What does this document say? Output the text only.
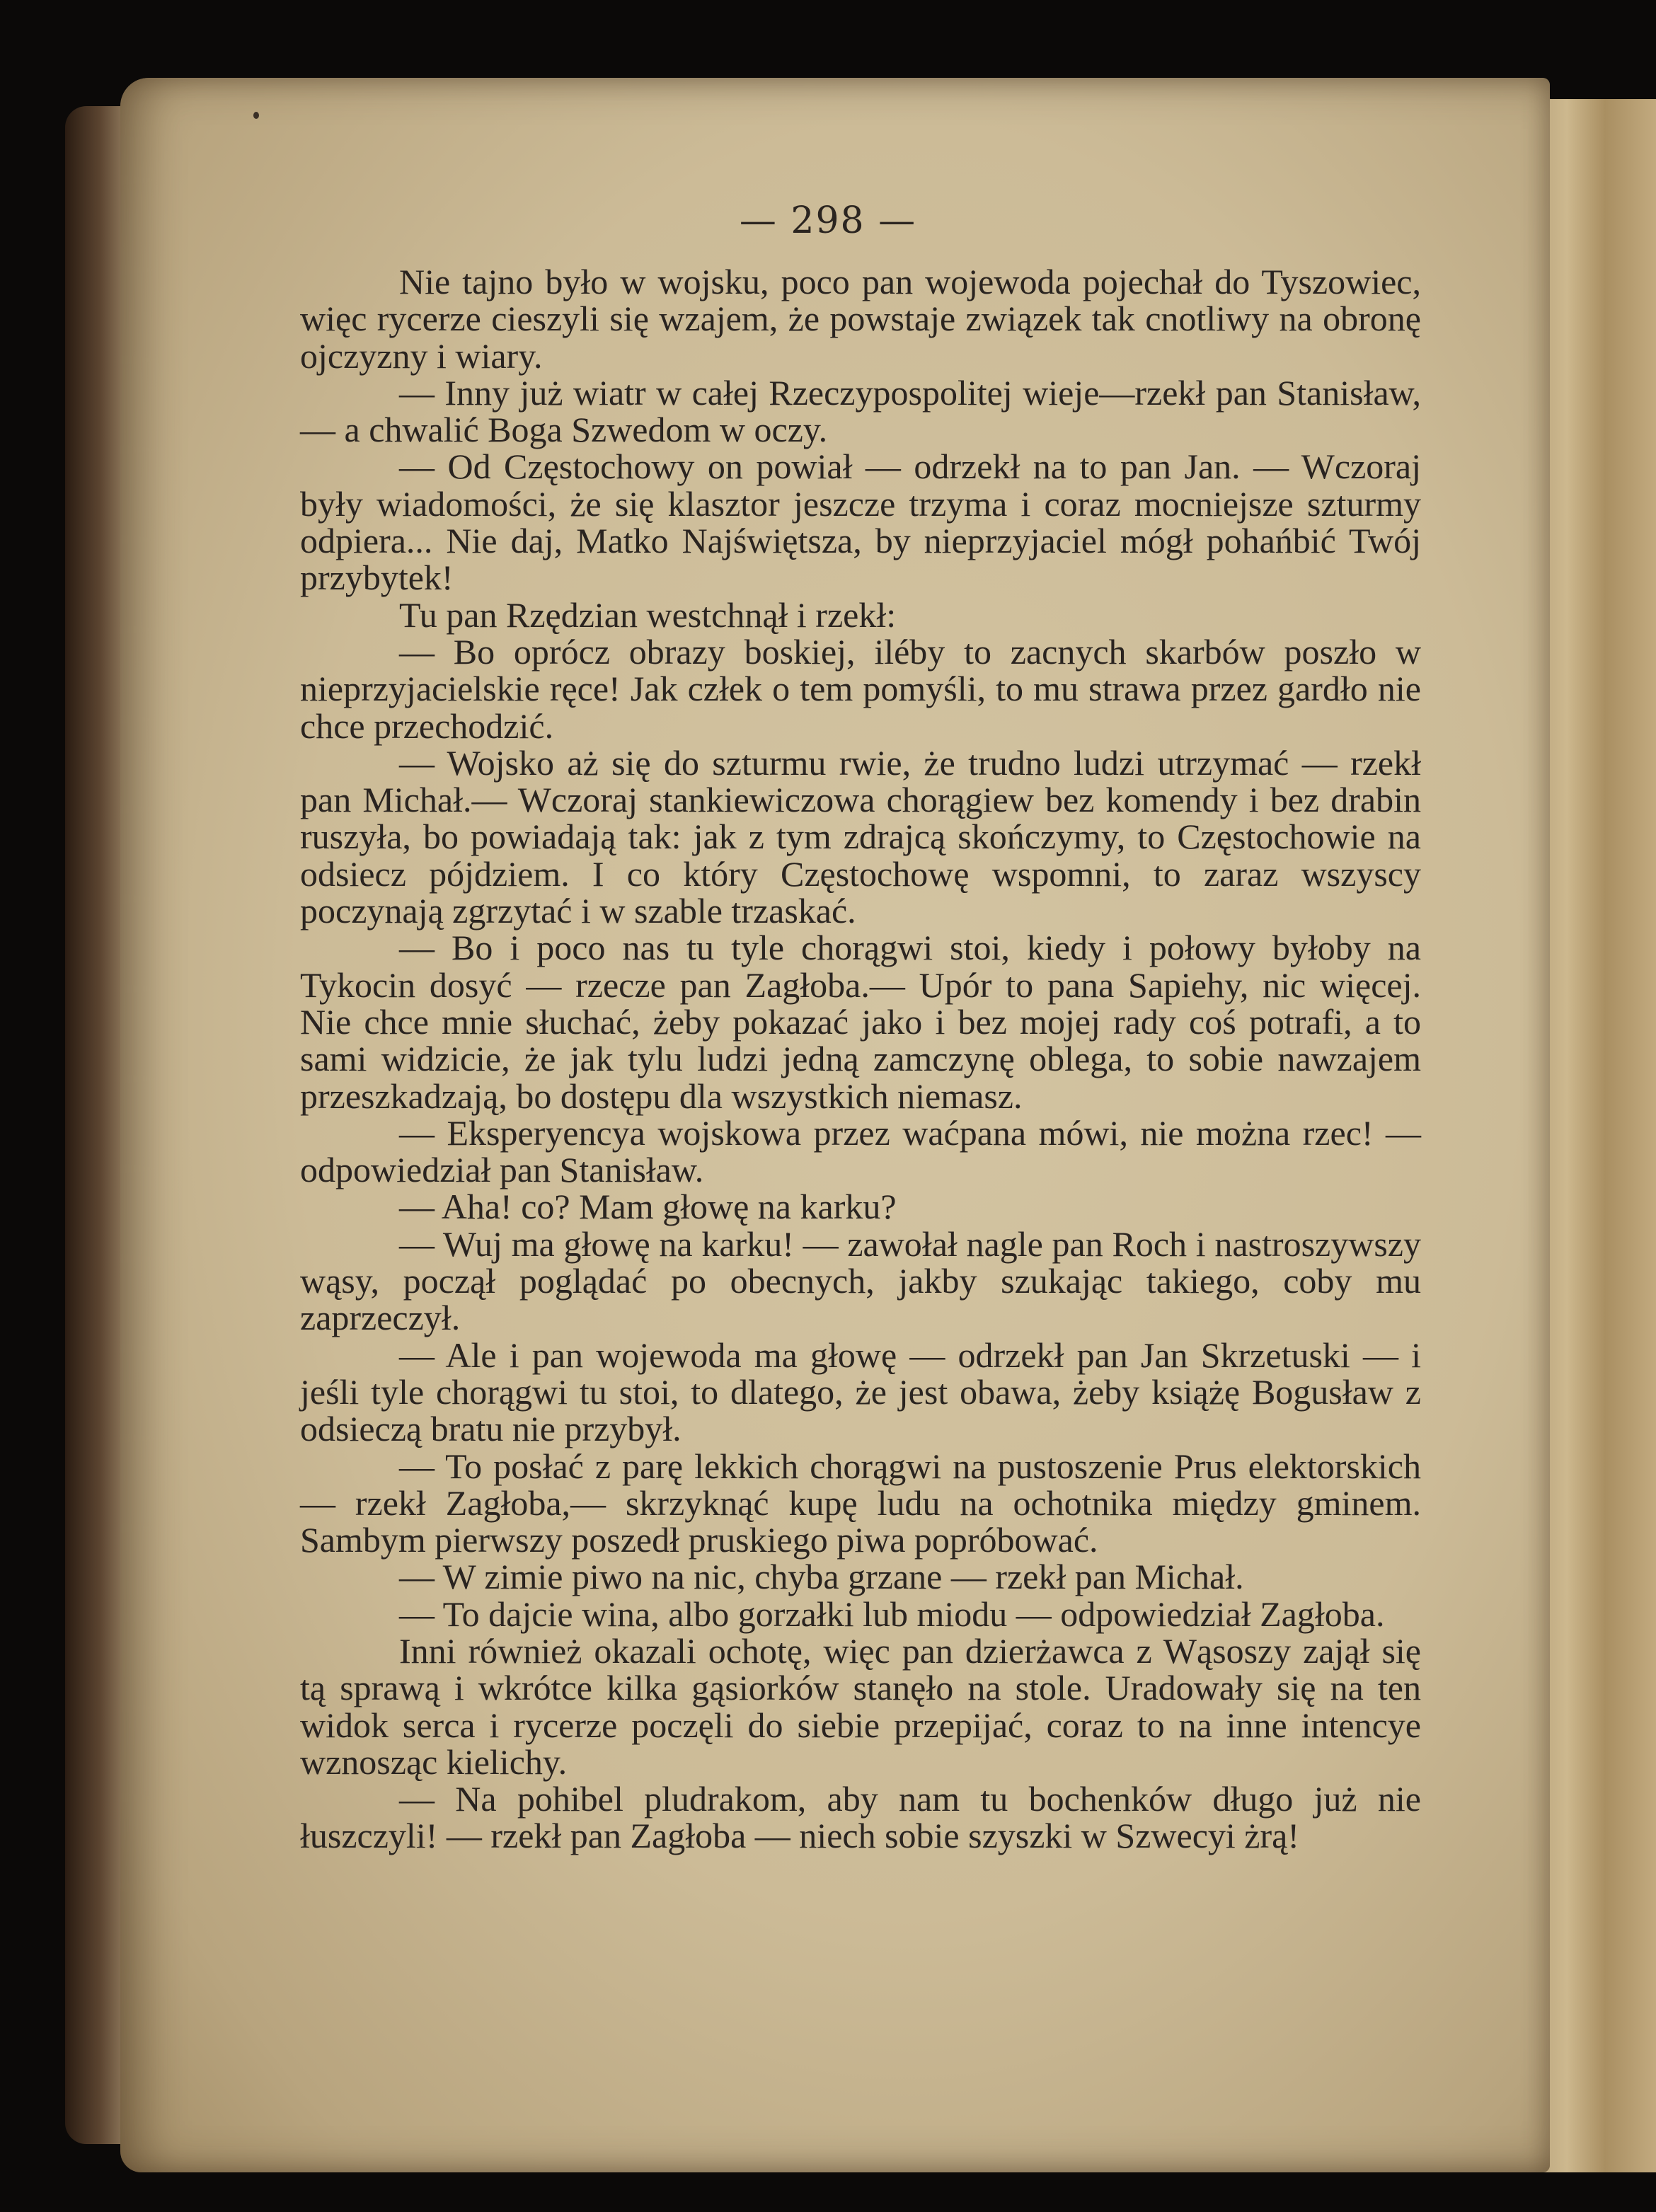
— 298 —

Nie tajno było w wojsku, poco pan wojewoda pojechał do Tyszowiec, więc rycerze cieszyli się wzajem, że powstaje związek tak cnotliwy na obronę ojczyzny i wiary.

— Inny już wiatr w całej Rzeczypospolitej wieje—rzekł pan Stanisław,— a chwalić Boga Szwedom w oczy.

— Od Częstochowy on powiał — odrzekł na to pan Jan. — Wczoraj były wiadomości, że się klasztor jeszcze trzyma i coraz mocniejsze szturmy odpiera... Nie daj, Matko Najświętsza, by nieprzyjaciel mógł pohańbić Twój przybytek!

Tu pan Rzędzian westchnął i rzekł:

— Bo oprócz obrazy boskiej, iléby to zacnych skarbów poszło w nieprzyjacielskie ręce! Jak człek o tem pomyśli, to mu strawa przez gardło nie chce przechodzić.

— Wojsko aż się do szturmu rwie, że trudno ludzi utrzymać — rzekł pan Michał.— Wczoraj stankiewiczowa chorągiew bez komendy i bez drabin ruszyła, bo powiadają tak: jak z tym zdrajcą skończymy, to Częstochowie na odsiecz pójdziem. I co który Częstochowę wspomni, to zaraz wszyscy poczynają zgrzytać i w szable trzaskać.

— Bo i poco nas tu tyle chorągwi stoi, kiedy i połowy byłoby na Tykocin dosyć — rzecze pan Zagłoba.— Upór to pana Sapiehy, nic więcej. Nie chce mnie słuchać, żeby pokazać jako i bez mojej rady coś potrafi, a to sami widzicie, że jak tylu ludzi jedną zamczynę oblega, to sobie nawzajem przeszkadzają, bo dostępu dla wszystkich niemasz.

— Eksperyencya wojskowa przez waćpana mówi, nie można rzec! — odpowiedział pan Stanisław.

— Aha! co? Mam głowę na karku?

— Wuj ma głowę na karku! — zawołał nagle pan Roch i nastroszywszy wąsy, począł poglądać po obecnych, jakby szukając takiego, coby mu zaprzeczył.

— Ale i pan wojewoda ma głowę — odrzekł pan Jan Skrzetuski — i jeśli tyle chorągwi tu stoi, to dlatego, że jest obawa, żeby książę Bogusław z odsieczą bratu nie przybył.

— To posłać z parę lekkich chorągwi na pustoszenie Prus elektorskich — rzekł Zagłoba,— skrzyknąć kupę ludu na ochotnika między gminem. Sambym pierwszy poszedł pruskiego piwa popróbować.

— W zimie piwo na nic, chyba grzane — rzekł pan Michał.

— To dajcie wina, albo gorzałki lub miodu — odpowiedział Zagłoba.

Inni również okazali ochotę, więc pan dzierżawca z Wąsoszy zajął się tą sprawą i wkrótce kilka gąsiorków stanęło na stole. Uradowały się na ten widok serca i rycerze poczęli do siebie przepijać, coraz to na inne intencye wznosząc kielichy.

— Na pohibel pludrakom, aby nam tu bochenków długo już nie łuszczyli! — rzekł pan Zagłoba — niech sobie szyszki w Szwecyi żrą!
